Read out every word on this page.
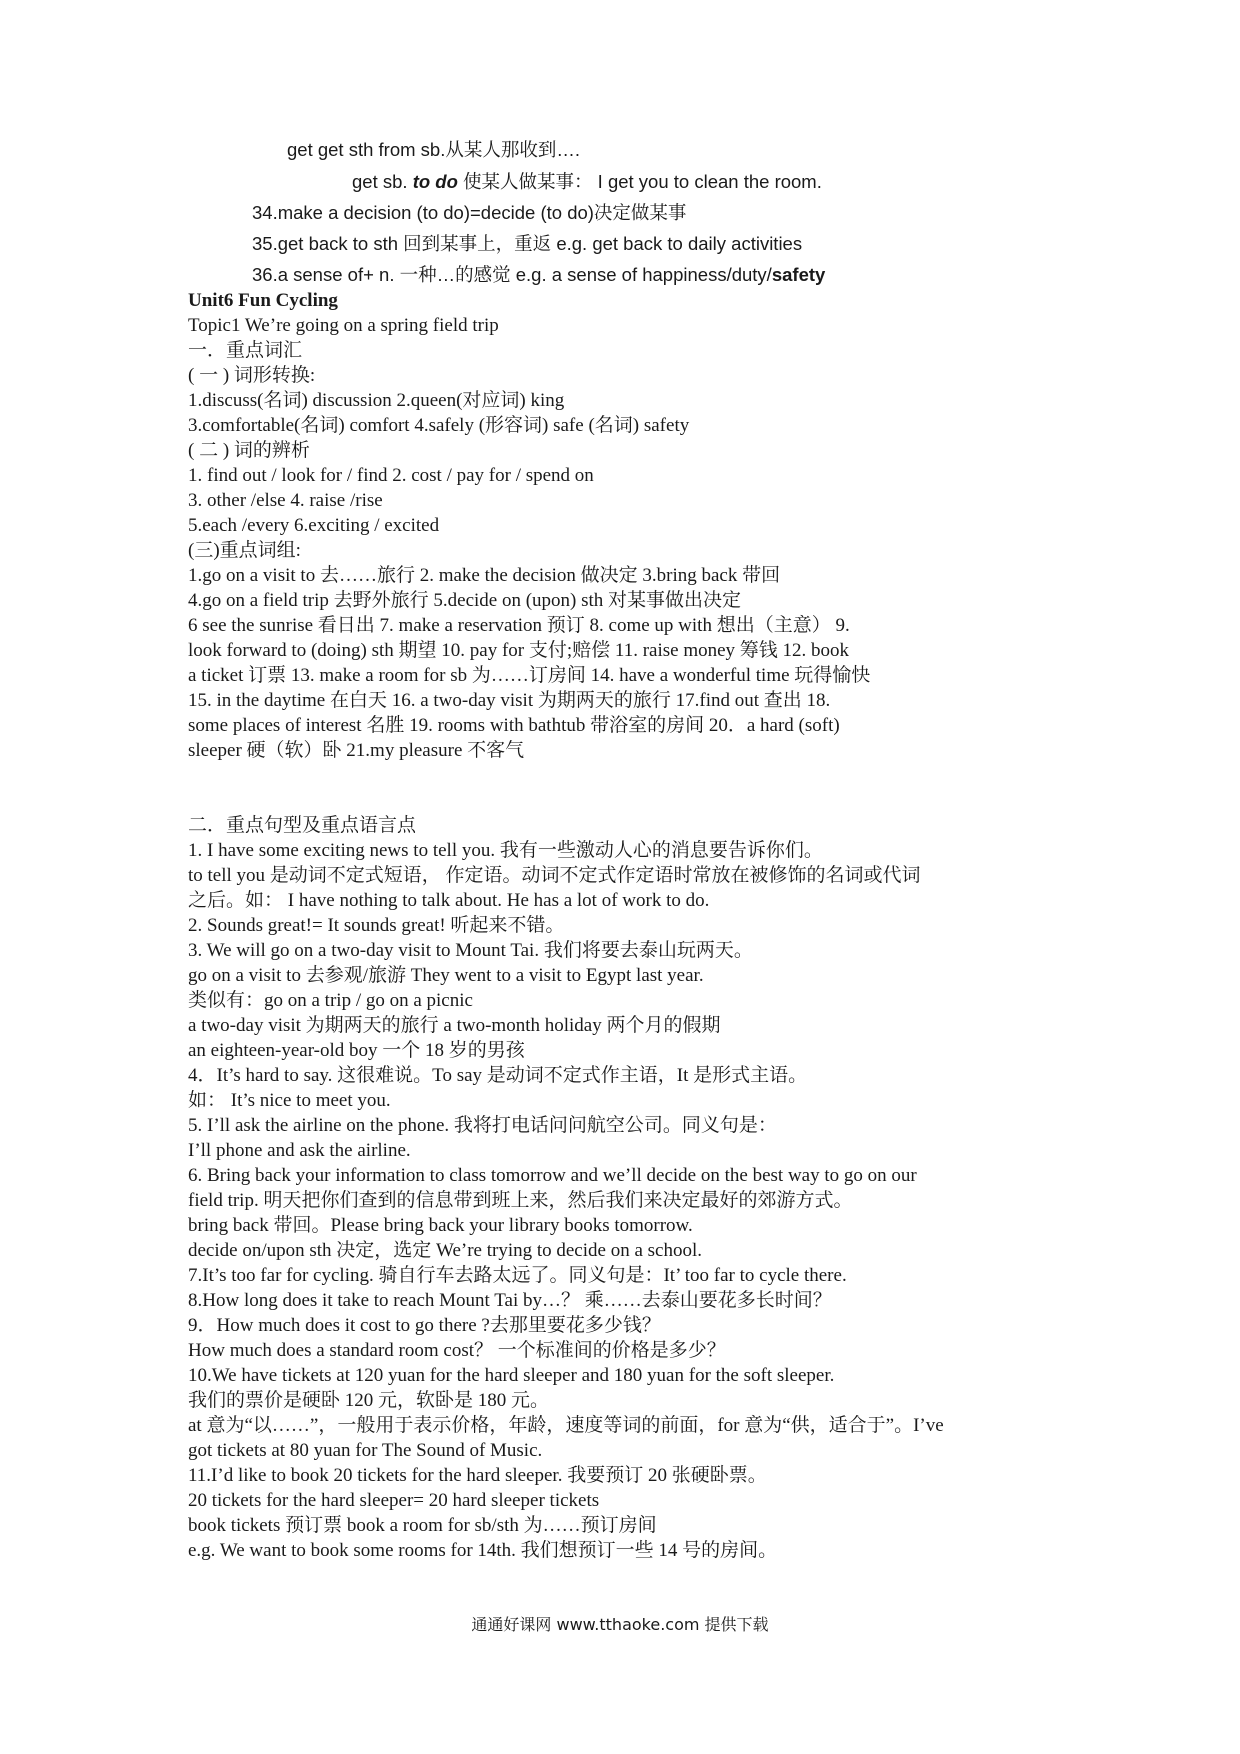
get get sth from sb.从某人那收到….
get sb. to do 使某人做某事： I get you to clean the room.
34.make a decision (to do)=decide (to do)决定做某事
35.get back to sth 回到某事上，重返 e.g. get back to daily activities
36.a sense of+ n. 一种…的感觉 e.g. a sense of happiness/duty/safety
Unit6 Fun Cycling
Topic1 We’re going on a spring field trip
一．重点词汇
( 一 ) 词形转换:
1.discuss(名词) discussion 2.queen(对应词) king
3.comfortable(名词) comfort 4.safely (形容词) safe (名词) safety
( 二 ) 词的辨析
1. find out / look for / find 2. cost / pay for / spend on
3. other /else 4. raise /rise
5.each /every 6.exciting / excited
(三)重点词组:
1.go on a visit to 去……旅行 2. make the decision 做决定 3.bring back 带回
4.go on a field trip 去野外旅行 5.decide on (upon) sth 对某事做出决定
6 see the sunrise 看日出 7. make a reservation 预订 8. come up with 想出（主意） 9.
look forward to (doing) sth 期望 10. pay for 支付;赔偿 11. raise money 筹钱 12. book
a ticket 订票 13. make a room for sb 为……订房间 14. have a wonderful time 玩得愉快
15. in the daytime 在白天 16. a two-day visit 为期两天的旅行 17.find out 查出 18.
some places of interest 名胜 19. rooms with bathtub 带浴室的房间 20．a hard (soft)
sleeper 硬（软）卧 21.my pleasure 不客气
二．重点句型及重点语言点
1. I have some exciting news to tell you. 我有一些激动人心的消息要告诉你们。
to tell you 是动词不定式短语， 作定语。动词不定式作定语时常放在被修饰的名词或代词
之后。如： I have nothing to talk about. He has a lot of work to do.
2. Sounds great!= It sounds great! 听起来不错。
3. We will go on a two-day visit to Mount Tai. 我们将要去泰山玩两天。
go on a visit to 去参观/旅游 They went to a visit to Egypt last year.
类似有：go on a trip / go on a picnic
a two-day visit 为期两天的旅行 a two-month holiday 两个月的假期
an eighteen-year-old boy 一个 18 岁的男孩
4．It’s hard to say. 这很难说。To say 是动词不定式作主语，It 是形式主语。
如： It’s nice to meet you.
5. I’ll ask the airline on the phone. 我将打电话问问航空公司。同义句是：
I’ll phone and ask the airline.
6. Bring back your information to class tomorrow and we’ll decide on the best way to go on our
field trip. 明天把你们查到的信息带到班上来，然后我们来决定最好的郊游方式。
bring back 带回。Please bring back your library books tomorrow.
decide on/upon sth 决定，选定 We’re trying to decide on a school.
7.It’s too far for cycling. 骑自行车去路太远了。同义句是：It’ too far to cycle there.
8.How long does it take to reach Mount Tai by…？ 乘……去泰山要花多长时间？
9．How much does it cost to go there ?去那里要花多少钱？
How much does a standard room cost？ 一个标准间的价格是多少？
10.We have tickets at 120 yuan for the hard sleeper and 180 yuan for the soft sleeper.
我们的票价是硬卧 120 元，软卧是 180 元。
at 意为“以……”，一般用于表示价格，年龄，速度等词的前面，for 意为“供，适合于”。I’ve
got tickets at 80 yuan for The Sound of Music.
11.I’d like to book 20 tickets for the hard sleeper. 我要预订 20 张硬卧票。
20 tickets for the hard sleeper= 20 hard sleeper tickets
book tickets 预订票 book a room for sb/sth 为……预订房间
e.g. We want to book some rooms for 14th. 我们想预订一些 14 号的房间。
通通好课网 www.tthaoke.com 提供下载
